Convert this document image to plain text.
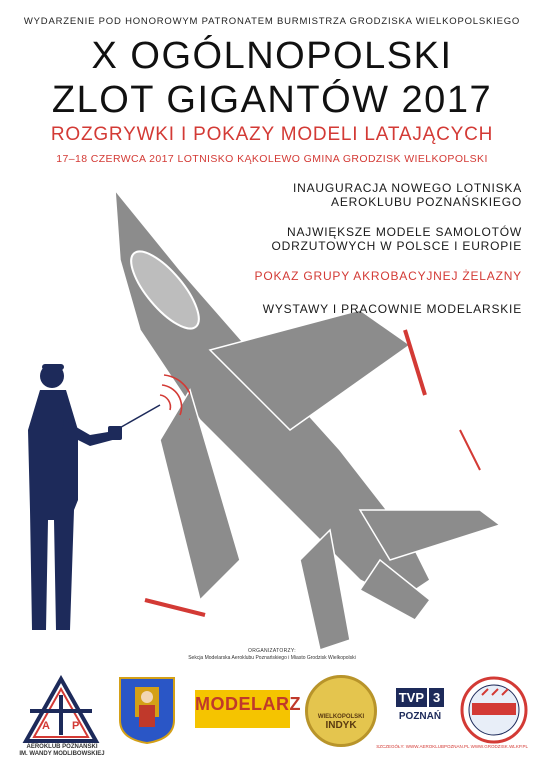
WYDARZENIE POD HONOROWYM PATRONATEM BURMISTRZA GRODZISKA WIELKOPOLSKIEGO
X OGÓLNOPOLSKI
ZLOT GIGANTÓW 2017
ROZGRYWKI I POKAZY MODELI LATAJĄCYCH
17–18 CZERWCA 2017 LOTNISKO KĄKOLEWO GMINA GRODZISK WIELKOPOLSKI
INAUGURACJA NOWEGO LOTNISKA
AEROKLUBU POZNAŃSKIEGO
NAJWIĘKSZE MODELE SAMOLOTÓW
ODRZUTOWYCH W POLSCE I EUROPIE
POKAZ GRUPY AKROBACYJNEJ ŻELAZNY
WYSTAWY I PRACOWNIE MODELARSKIE
ORGANIZATORZY:
Sekcja Modelarska Aeroklubu Poznańskiego i Miasto Grodzisk Wielkopolski
A P
AEROKLUB POZNAŃSKI
IM. WANDY MODLIBOWSKIEJ
MODELARZ
WIELKOPOLSKI
INDYK
TVP 3
POZNAŃ
SZCZEGÓŁY: WWW.AEROKLUBPOZNAN.PL WWW.GRODZISK.WLKP.PL
